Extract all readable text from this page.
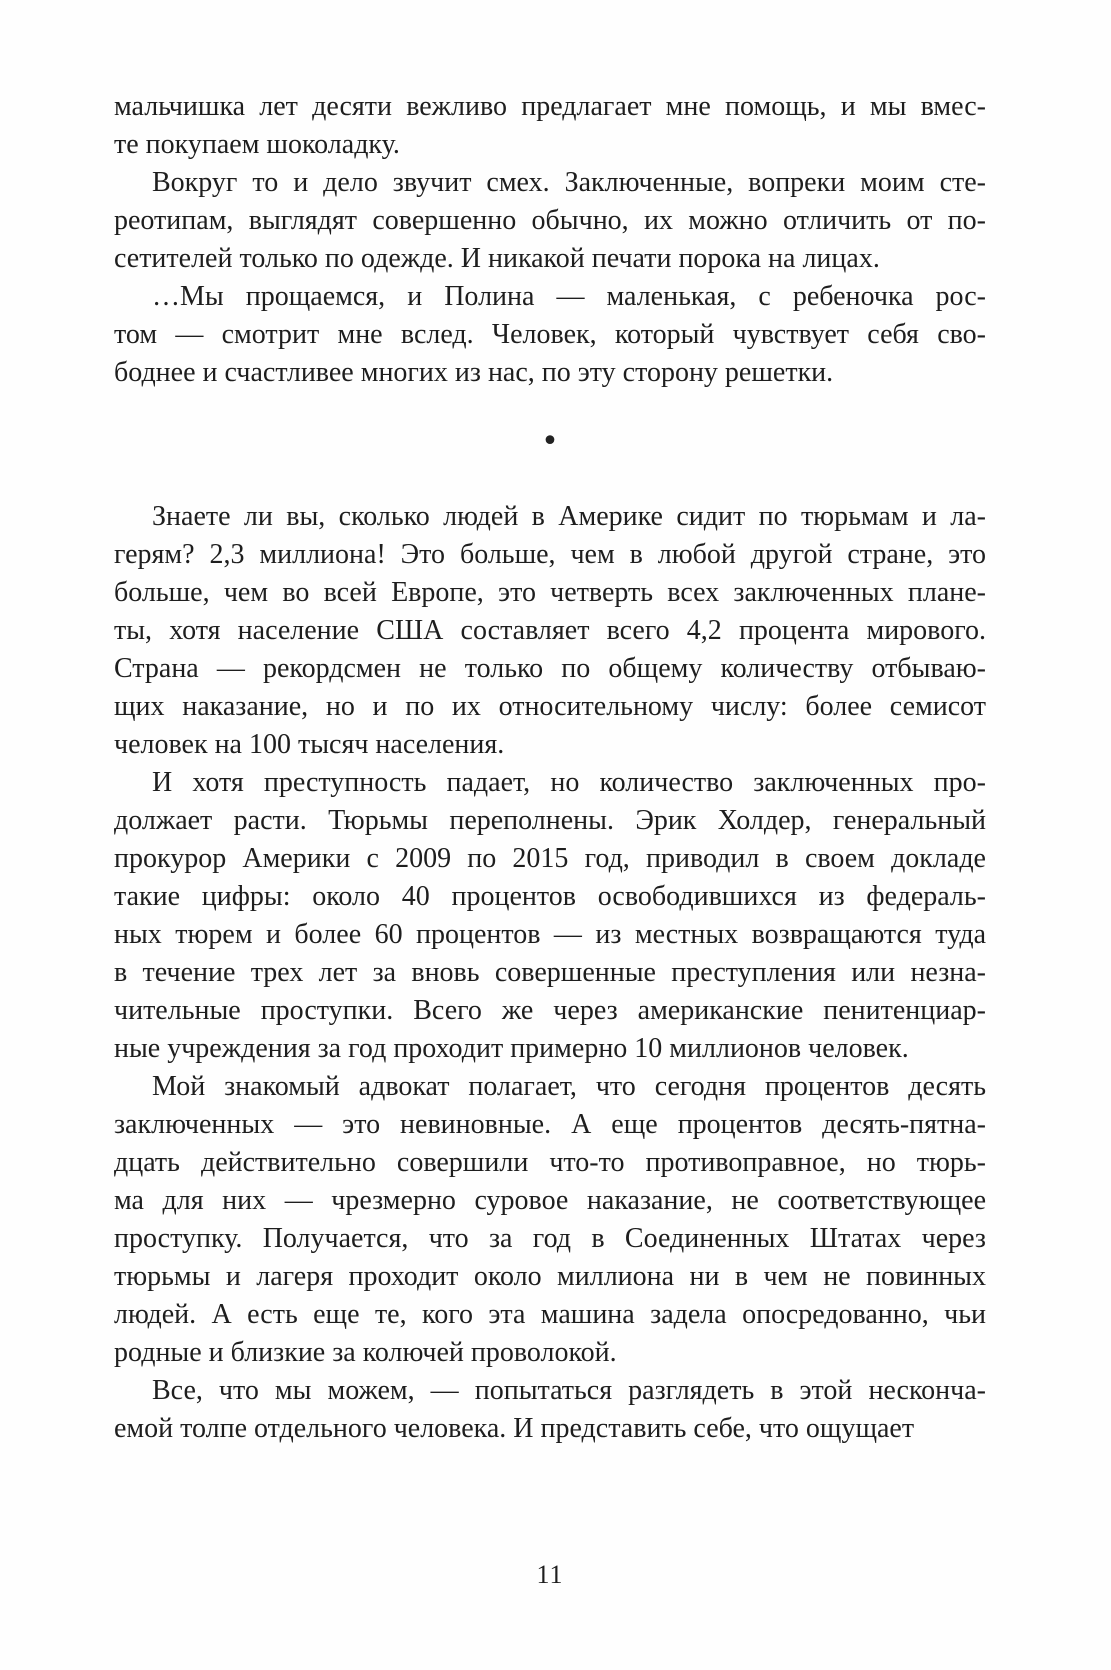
мальчишка лет десяти вежливо предлагает мне помощь, и мы вмес-
те покупаем шоколадку.
Вокруг то и дело звучит смех. Заключенные, вопреки моим сте-
реотипам, выглядят совершенно обычно, их можно отличить от по-
сетителей только по одежде. И никакой печати порока на лицах.
…Мы прощаемся, и Полина — маленькая, с ребеночка рос-
том — смотрит мне вслед. Человек, который чувствует себя сво-
боднее и счастливее многих из нас, по эту сторону решетки.
•
Знаете ли вы, сколько людей в Америке сидит по тюрьмам и ла-
герям? 2,3 миллиона! Это больше, чем в любой другой стране, это
больше, чем во всей Европе, это четверть всех заключенных плане-
ты, хотя население США составляет всего 4,2 процента мирового.
Страна — рекордсмен не только по общему количеству отбываю-
щих наказание, но и по их относительному числу: более семисот
человек на 100 тысяч населения.
И хотя преступность падает, но количество заключенных про-
должает расти. Тюрьмы переполнены. Эрик Холдер, генеральный
прокурор Америки с 2009 по 2015 год, приводил в своем докладе
такие цифры: около 40 процентов освободившихся из федераль-
ных тюрем и более 60 процентов — из местных возвращаются туда
в течение трех лет за вновь совершенные преступления или незна-
чительные проступки. Всего же через американские пенитенциар-
ные учреждения за год проходит примерно 10 миллионов человек.
Мой знакомый адвокат полагает, что сегодня процентов десять
заключенных — это невиновные. А еще процентов десять-пятна-
дцать действительно совершили что-то противоправное, но тюрь-
ма для них — чрезмерно суровое наказание, не соответствующее
проступку. Получается, что за год в Соединенных Штатах через
тюрьмы и лагеря проходит около миллиона ни в чем не повинных
людей. А есть еще те, кого эта машина задела опосредованно, чьи
родные и близкие за колючей проволокой.
Все, что мы можем, — попытаться разглядеть в этой несконча-
емой толпе отдельного человека. И представить себе, что ощущает
11
